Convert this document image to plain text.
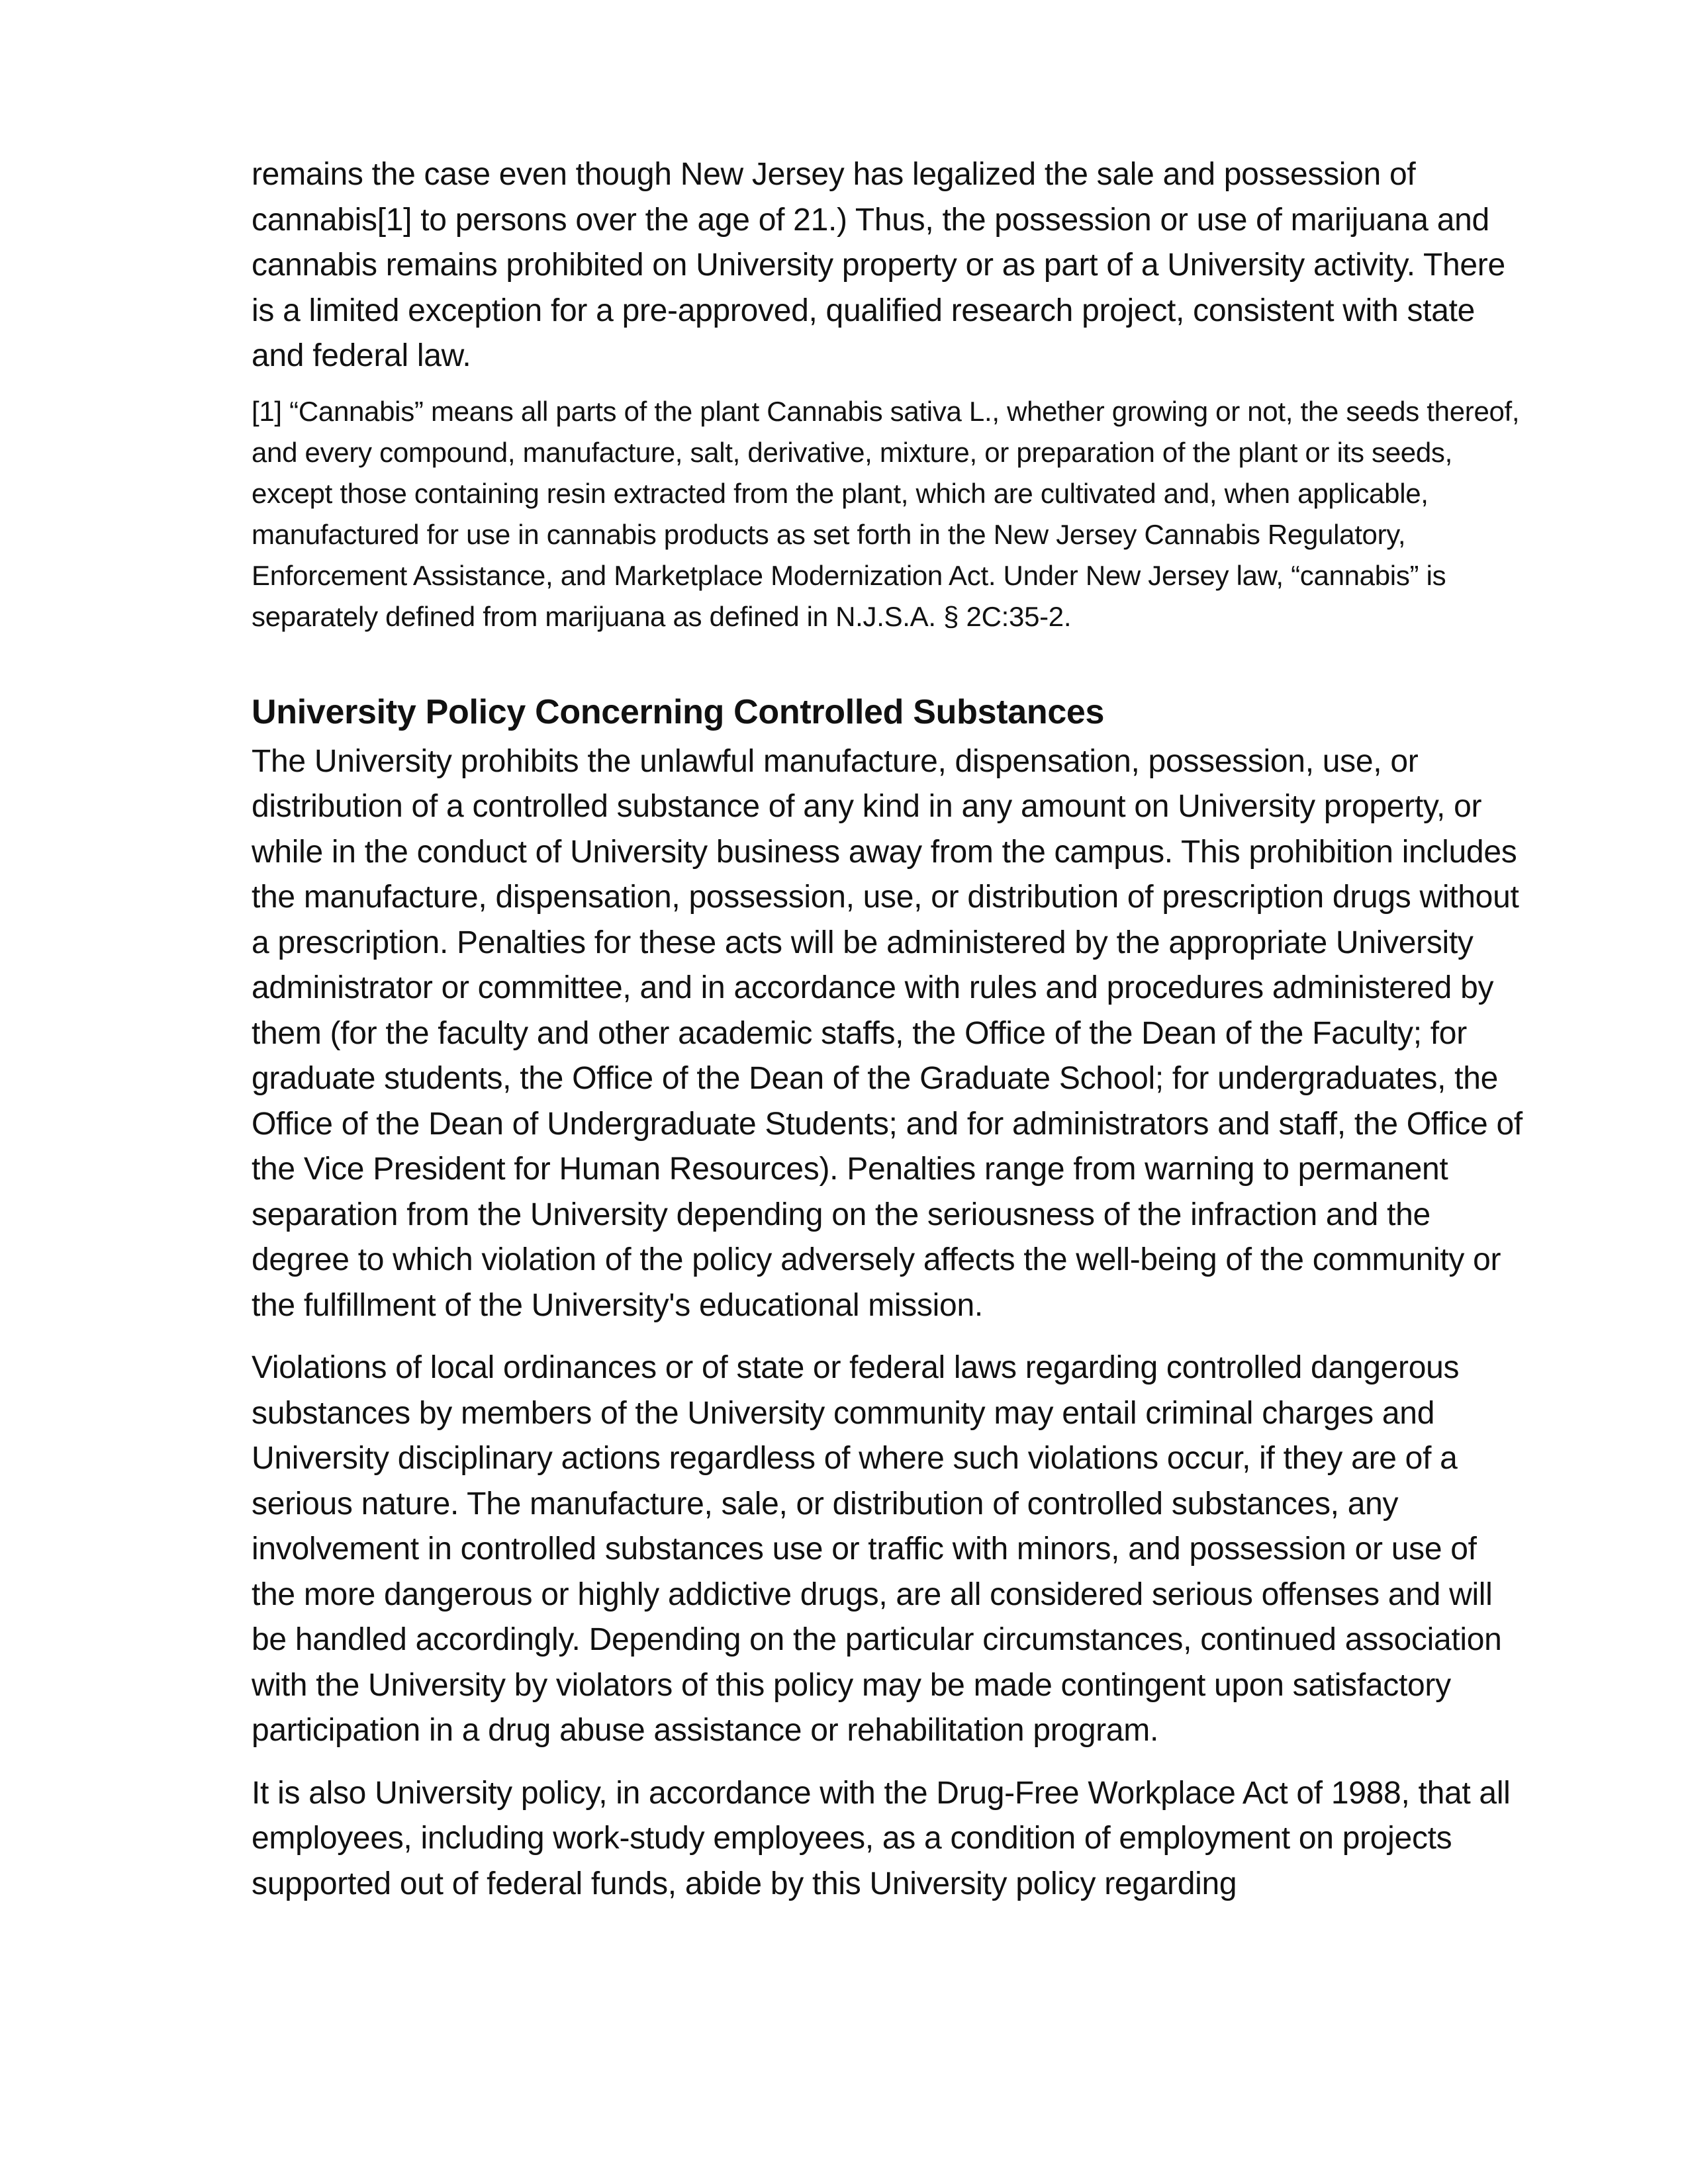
remains the case even though New Jersey has legalized the sale and possession of cannabis[1] to persons over the age of 21.) Thus, the possession or use of marijuana and cannabis remains prohibited on University property or as part of a University activity. There is a limited exception for a pre-approved, qualified research project, consistent with state and federal law.

[1] “Cannabis” means all parts of the plant Cannabis sativa L., whether growing or not, the seeds thereof, and every compound, manufacture, salt, derivative, mixture, or preparation of the plant or its seeds, except those containing resin extracted from the plant, which are cultivated and, when applicable, manufactured for use in cannabis products as set forth in the New Jersey Cannabis Regulatory, Enforcement Assistance, and Marketplace Modernization Act. Under New Jersey law, “cannabis” is separately defined from marijuana as defined in N.J.S.A. § 2C:35-2.

University Policy Concerning Controlled Substances

The University prohibits the unlawful manufacture, dispensation, possession, use, or distribution of a controlled substance of any kind in any amount on University property, or while in the conduct of University business away from the campus. This prohibition includes the manufacture, dispensation, possession, use, or distribution of prescription drugs without a prescription. Penalties for these acts will be administered by the appropriate University administrator or committee, and in accordance with rules and procedures administered by them (for the faculty and other academic staffs, the Office of the Dean of the Faculty; for graduate students, the Office of the Dean of the Graduate School; for undergraduates, the Office of the Dean of Undergraduate Students; and for administrators and staff, the Office of the Vice President for Human Resources). Penalties range from warning to permanent separation from the University depending on the seriousness of the infraction and the degree to which violation of the policy adversely affects the well-being of the community or the fulfillment of the University's educational mission.

Violations of local ordinances or of state or federal laws regarding controlled dangerous substances by members of the University community may entail criminal charges and University disciplinary actions regardless of where such violations occur, if they are of a serious nature. The manufacture, sale, or distribution of controlled substances, any involvement in controlled substances use or traffic with minors, and possession or use of the more dangerous or highly addictive drugs, are all considered serious offenses and will be handled accordingly. Depending on the particular circumstances, continued association with the University by violators of this policy may be made contingent upon satisfactory participation in a drug abuse assistance or rehabilitation program.

It is also University policy, in accordance with the Drug-Free Workplace Act of 1988, that all employees, including work-study employees, as a condition of employment on projects supported out of federal funds, abide by this University policy regarding
